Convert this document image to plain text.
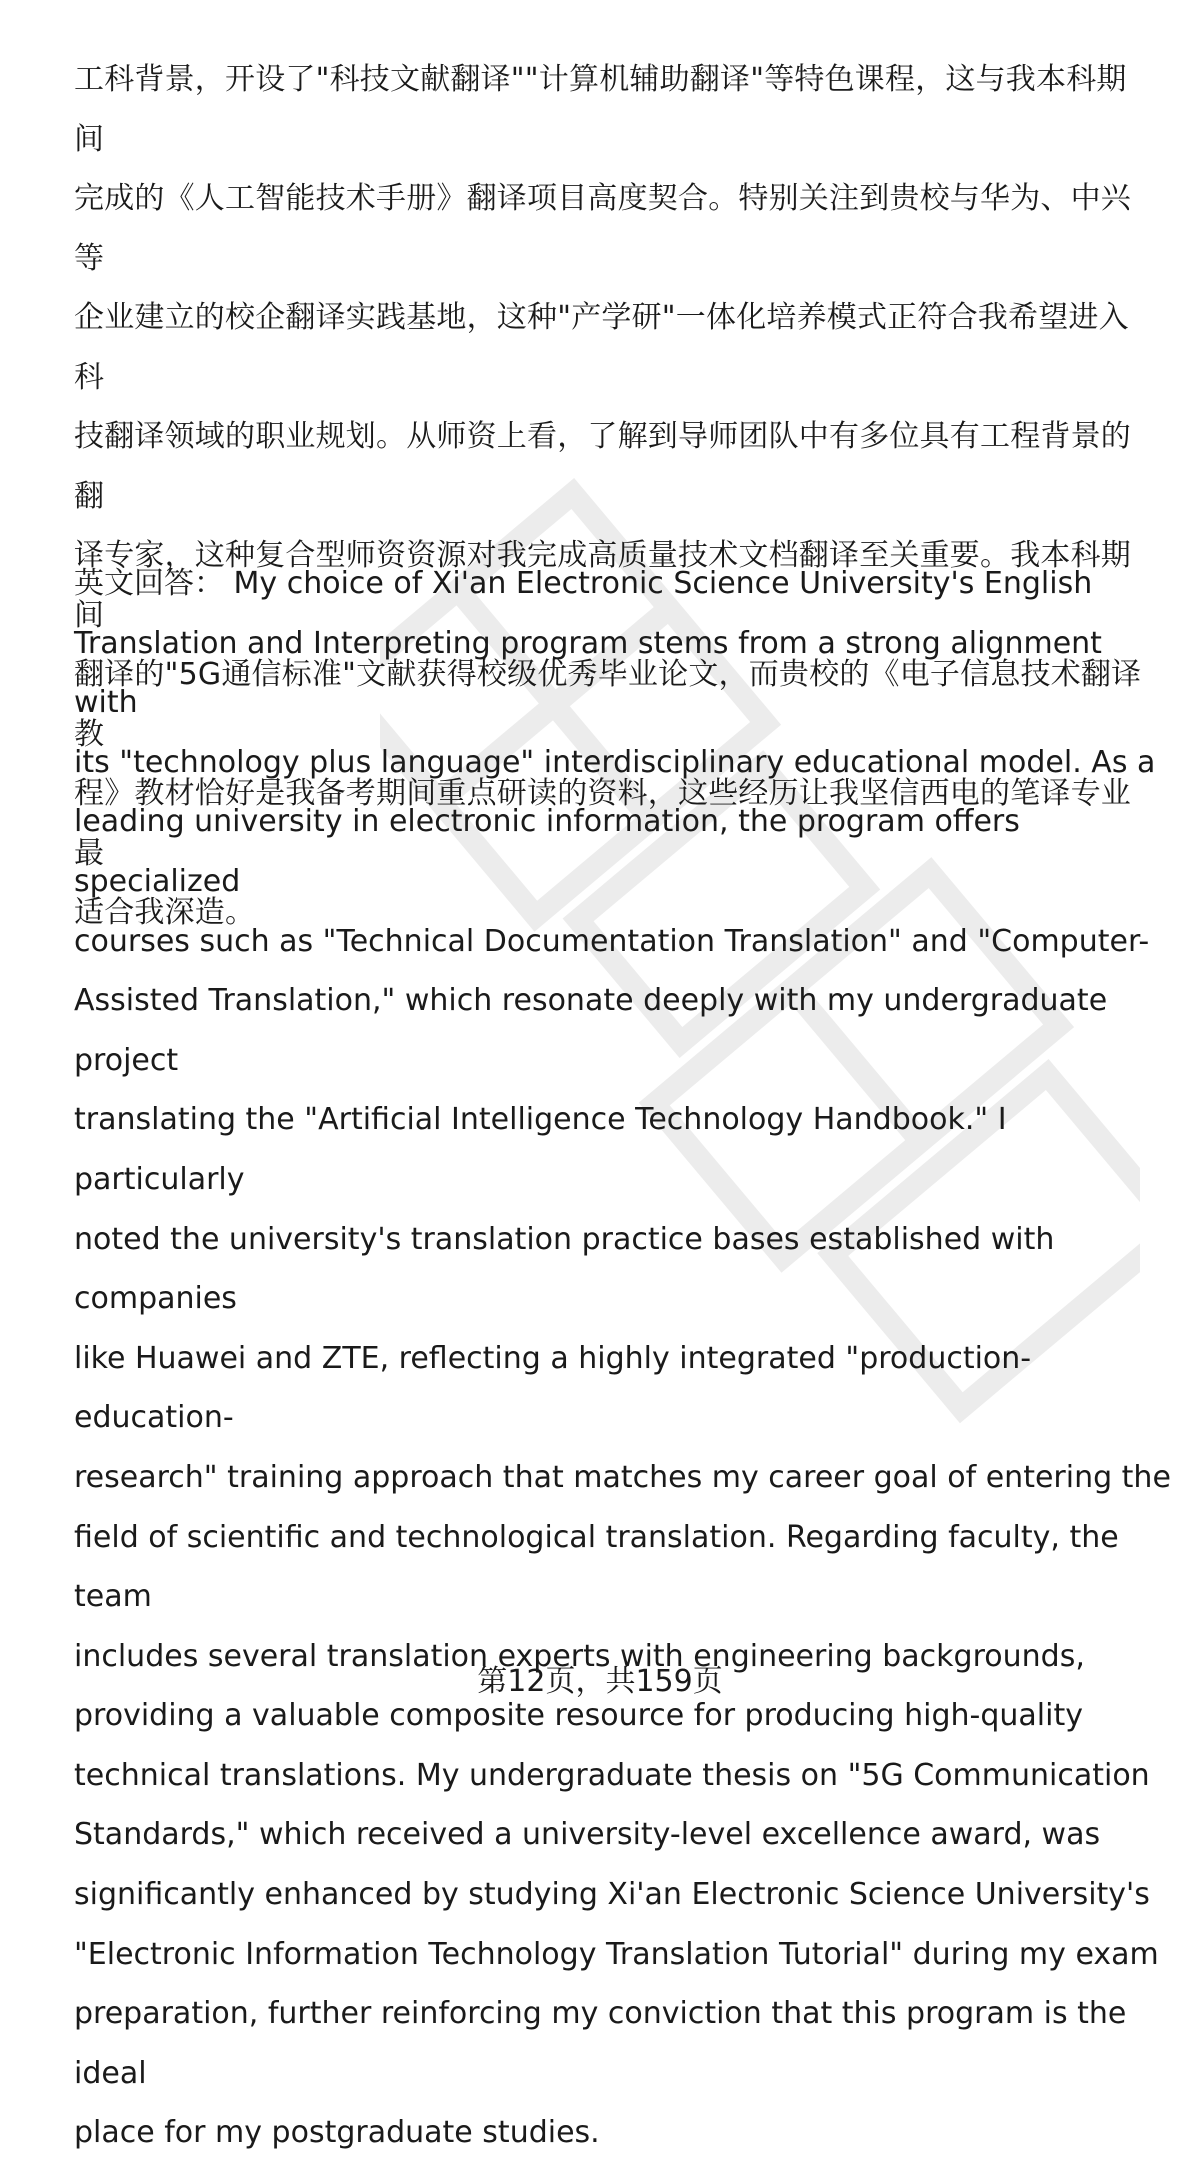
工科背景，开设了"科技文献翻译""计算机辅助翻译"等特色课程，这与我本科期间
完成的《人工智能技术手册》翻译项目高度契合。特别关注到贵校与华为、中兴等
企业建立的校企翻译实践基地，这种"产学研"一体化培养模式正符合我希望进入科
技翻译领域的职业规划。从师资上看，了解到导师团队中有多位具有工程背景的翻
译专家，这种复合型师资资源对我完成高质量技术文档翻译至关重要。我本科期间
翻译的"5G通信标准"文献获得校级优秀毕业论文，而贵校的《电子信息技术翻译教
程》教材恰好是我备考期间重点研读的资料，这些经历让我坚信西电的笔译专业最
适合我深造。

英文回答： My choice of Xi'an Electronic Science University's English
Translation and Interpreting program stems from a strong alignment with
its "technology plus language" interdisciplinary educational model. As a
leading university in electronic information, the program offers specialized
courses such as "Technical Documentation Translation" and "Computer-
Assisted Translation," which resonate deeply with my undergraduate project
translating the "Artificial Intelligence Technology Handbook." I particularly
noted the university's translation practice bases established with companies
like Huawei and ZTE, reflecting a highly integrated "production-education-
research" training approach that matches my career goal of entering the
field of scientific and technological translation. Regarding faculty, the team
includes several translation experts with engineering backgrounds,
providing a valuable composite resource for producing high-quality
technical translations. My undergraduate thesis on "5G Communication
Standards," which received a university-level excellence award, was
significantly enhanced by studying Xi'an Electronic Science University's
"Electronic Information Technology Translation Tutorial" during my exam
preparation, further reinforcing my conviction that this program is the ideal
place for my postgraduate studies.

第12页，共159页
